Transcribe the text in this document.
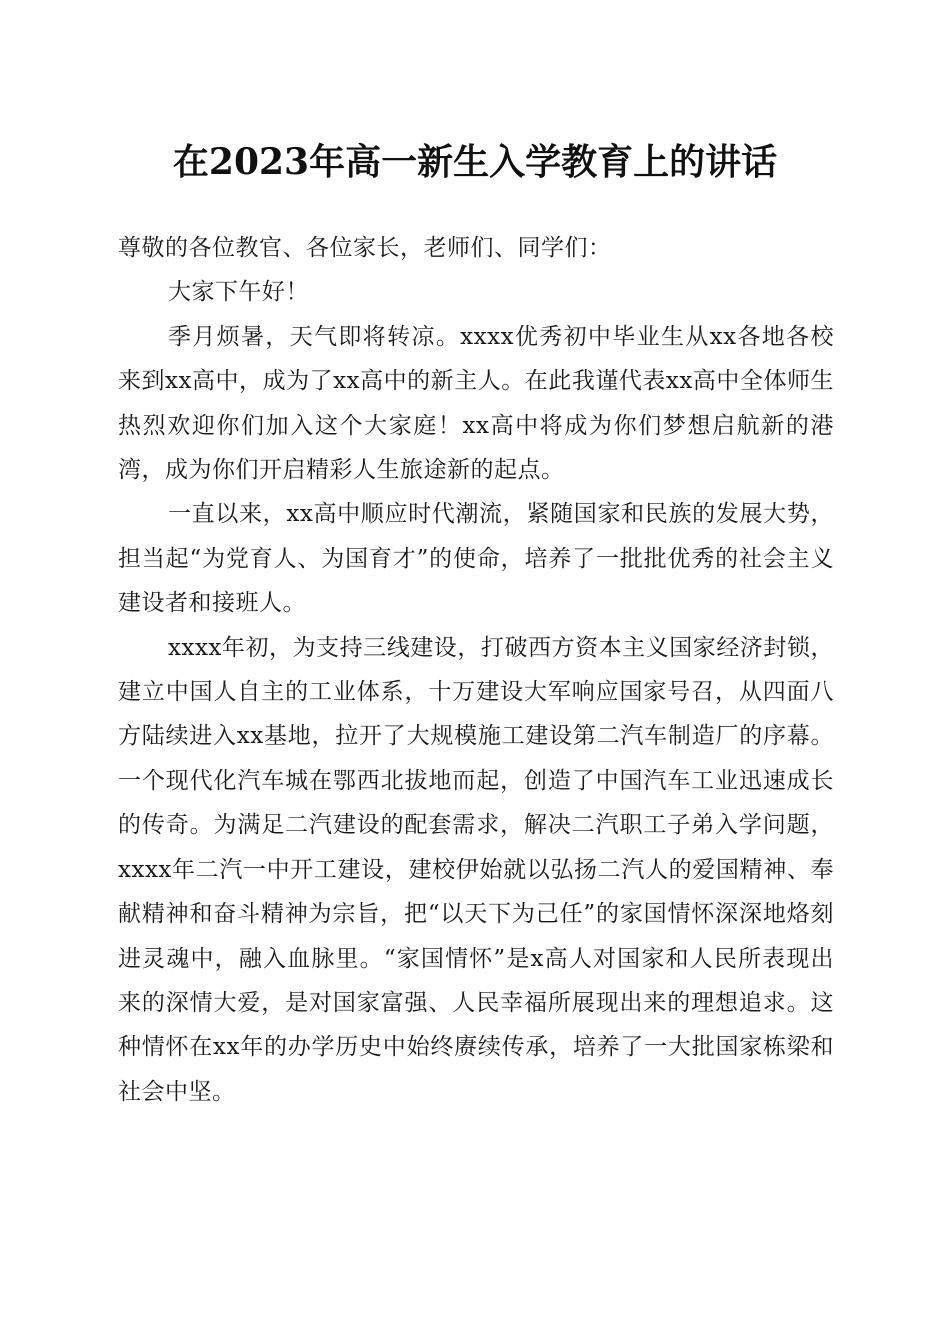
在2023年高一新生入学教育上的讲话

尊敬的各位教官、各位家长，老师们、同学们：

大家下午好！

季月烦暑，天气即将转凉。xxxx优秀初中毕业生从xx各地各校来到xx高中，成为了xx高中的新主人。在此我谨代表xx高中全体师生热烈欢迎你们加入这个大家庭！xx高中将成为你们梦想启航新的港湾，成为你们开启精彩人生旅途新的起点。

一直以来，xx高中顺应时代潮流，紧随国家和民族的发展大势，担当起“为党育人、为国育才”的使命，培养了一批批优秀的社会主义建设者和接班人。

xxxx年初，为支持三线建设，打破西方资本主义国家经济封锁，建立中国人自主的工业体系，十万建设大军响应国家号召，从四面八方陆续进入xx基地，拉开了大规模施工建设第二汽车制造厂的序幕。一个现代化汽车城在鄂西北拔地而起，创造了中国汽车工业迅速成长的传奇。为满足二汽建设的配套需求，解决二汽职工子弟入学问题，xxxx年二汽一中开工建设，建校伊始就以弘扬二汽人的爱国精神、奉献精神和奋斗精神为宗旨，把“以天下为己任”的家国情怀深深地烙刻进灵魂中，融入血脉里。“家国情怀”是x高人对国家和人民所表现出来的深情大爱，是对国家富强、人民幸福所展现出来的理想追求。这种情怀在xx年的办学历史中始终赓续传承，培养了一大批国家栋梁和社会中坚。
